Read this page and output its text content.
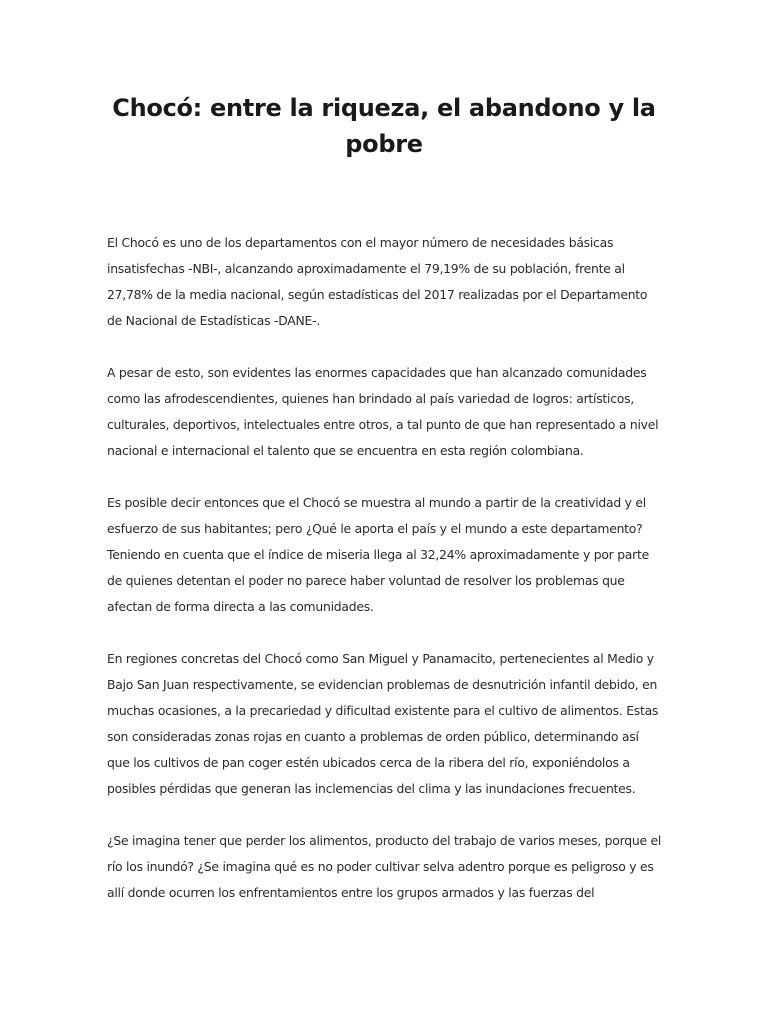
Chocó: entre la riqueza, el abandono y la pobre

El Chocó es uno de los departamentos con el mayor número de necesidades básicas insatisfechas -NBI-, alcanzando aproximadamente el 79,19% de su población, frente al 27,78% de la media nacional, según estadísticas del 2017 realizadas por el Departamento de Nacional de Estadísticas -DANE-.

A pesar de esto, son evidentes las enormes capacidades que han alcanzado comunidades como las afrodescendientes, quienes han brindado al país variedad de logros: artísticos, culturales, deportivos, intelectuales entre otros, a tal punto de que han representado a nivel nacional e internacional el talento que se encuentra en esta región colombiana.

Es posible decir entonces que el Chocó se muestra al mundo a partir de la creatividad y el esfuerzo de sus habitantes; pero ¿Qué le aporta el país y el mundo a este departamento? Teniendo en cuenta que el índice de miseria llega al 32,24% aproximadamente y por parte de quienes detentan el poder no parece haber voluntad de resolver los problemas que afectan de forma directa a las comunidades.

En regiones concretas del Chocó como San Miguel y Panamacito, pertenecientes al Medio y Bajo San Juan respectivamente, se evidencian problemas de desnutrición infantil debido, en muchas ocasiones, a la precariedad y dificultad existente para el cultivo de alimentos. Estas son consideradas zonas rojas en cuanto a problemas de orden público, determinando así que los cultivos de pan coger estén ubicados cerca de la ribera del río, exponiéndolos a posibles pérdidas que generan las inclemencias del clima y las inundaciones frecuentes.

¿Se imagina tener que perder los alimentos, producto del trabajo de varios meses, porque el río los inundó? ¿Se imagina qué es no poder cultivar selva adentro porque es peligroso y es allí donde ocurren los enfrentamientos entre los grupos armados y las fuerzas del
